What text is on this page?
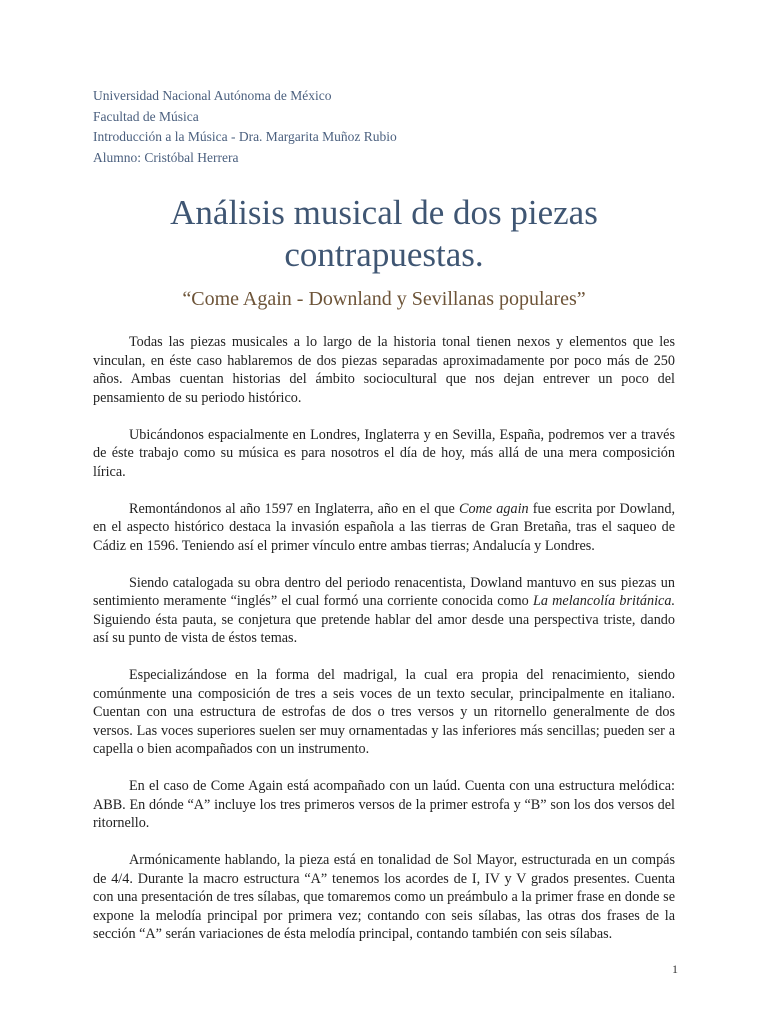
Universidad Nacional Autónoma de México
Facultad de Música
Introducción a la Música - Dra. Margarita Muñoz Rubio
Alumno: Cristóbal Herrera
Análisis musical de dos piezas contrapuestas.
“Come Again - Downland y Sevillanas populares”

Todas las piezas musicales a lo largo de la historia tonal tienen nexos y elementos que les vinculan, en éste caso hablaremos de dos piezas separadas aproximadamente por poco más de 250 años. Ambas cuentan historias del ámbito sociocultural que nos dejan entrever un poco del pensamiento de su periodo histórico.

Ubicándonos espacialmente en Londres, Inglaterra y en Sevilla, España, podremos ver a través de éste trabajo como su música es para nosotros el día de hoy, más allá de una mera composición lírica.

Remontándonos al año 1597 en Inglaterra, año en el que Come again fue escrita por Dowland, en el aspecto histórico destaca la invasión española a las tierras de Gran Bretaña, tras el saqueo de Cádiz en 1596. Teniendo así el primer vínculo entre ambas tierras; Andalucía y Londres.

Siendo catalogada su obra dentro del periodo renacentista, Dowland mantuvo en sus piezas un sentimiento meramente “inglés” el cual formó una corriente conocida como La melancolía británica. Siguiendo ésta pauta, se conjetura que pretende hablar del amor desde una perspectiva triste, dando así su punto de vista de éstos temas.

Especializándose en la forma del madrigal, la cual era propia del renacimiento, siendo comúnmente una composición de tres a seis voces de un texto secular, principalmente en italiano. Cuentan con una estructura de estrofas de dos o tres versos y un ritornello generalmente de dos versos. Las voces superiores suelen ser muy ornamentadas y las inferiores más sencillas; pueden ser a capella o bien acompañados con un instrumento.

En el caso de Come Again está acompañado con un laúd. Cuenta con una estructura melódica: ABB. En dónde “A” incluye los tres primeros versos de la primer estrofa y “B” son los dos versos del ritornello.

Armónicamente hablando, la pieza está en tonalidad de Sol Mayor, estructurada en un compás de 4/4. Durante la macro estructura “A” tenemos los acordes de I, IV y V grados presentes. Cuenta con una presentación de tres sílabas, que tomaremos como un preámbulo a la primer frase en donde se expone la melodía principal por primera vez; contando con seis sílabas, las otras dos frases de la sección “A” serán variaciones de ésta melodía principal, contando también con seis sílabas.

1
